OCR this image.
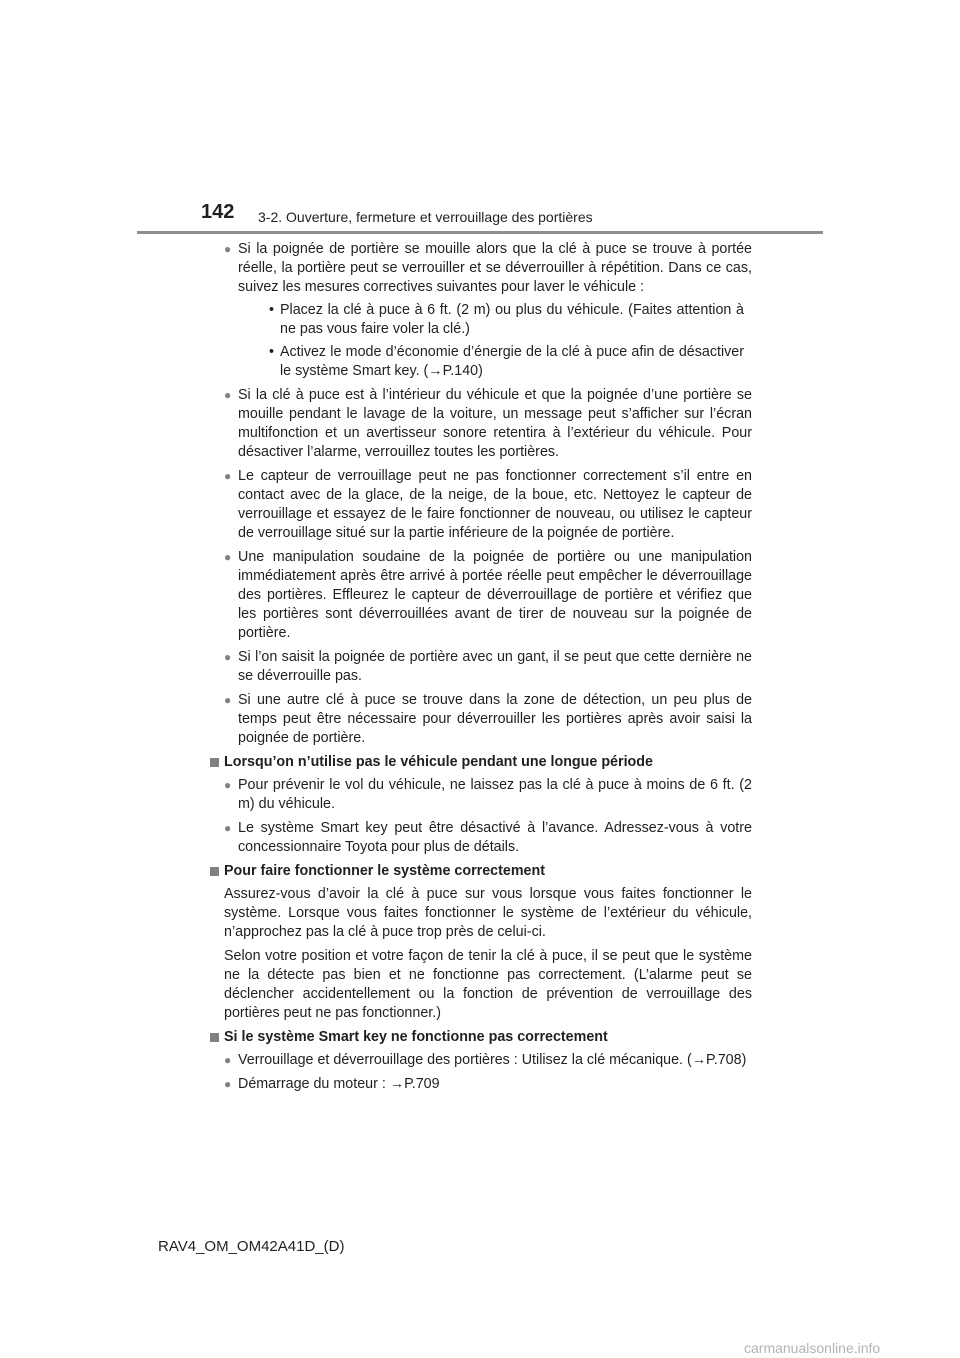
142 3-2. Ouverture, fermeture et verrouillage des portières
● Si la poignée de portière se mouille alors que la clé à puce se trouve à portée réelle, la portière peut se verrouiller et se déverrouiller à répétition. Dans ce cas, suivez les mesures correctives suivantes pour laver le véhicule :
• Placez la clé à puce à 6 ft. (2 m) ou plus du véhicule. (Faites attention à ne pas vous faire voler la clé.)
• Activez le mode d’économie d’énergie de la clé à puce afin de désactiver le système Smart key. (→P.140)
● Si la clé à puce est à l’intérieur du véhicule et que la poignée d’une portière se mouille pendant le lavage de la voiture, un message peut s’afficher sur l’écran multifonction et un avertisseur sonore retentira à l’extérieur du véhicule. Pour désactiver l’alarme, verrouillez toutes les portières.
● Le capteur de verrouillage peut ne pas fonctionner correctement s’il entre en contact avec de la glace, de la neige, de la boue, etc. Nettoyez le capteur de verrouillage et essayez de le faire fonctionner de nouveau, ou utilisez le capteur de verrouillage situé sur la partie inférieure de la poignée de portière.
● Une manipulation soudaine de la poignée de portière ou une manipulation immédiatement après être arrivé à portée réelle peut empêcher le déverrouillage des portières. Effleurez le capteur de déverrouillage de portière et vérifiez que les portières sont déverrouillées avant de tirer de nouveau sur la poignée de portière.
● Si l’on saisit la poignée de portière avec un gant, il se peut que cette dernière ne se déverrouille pas.
● Si une autre clé à puce se trouve dans la zone de détection, un peu plus de temps peut être nécessaire pour déverrouiller les portières après avoir saisi la poignée de portière.
Lorsqu’on n’utilise pas le véhicule pendant une longue période
● Pour prévenir le vol du véhicule, ne laissez pas la clé à puce à moins de 6 ft. (2 m) du véhicule.
● Le système Smart key peut être désactivé à l’avance. Adressez-vous à votre concessionnaire Toyota pour plus de détails.
Pour faire fonctionner le système correctement
Assurez-vous d’avoir la clé à puce sur vous lorsque vous faites fonctionner le système. Lorsque vous faites fonctionner le système de l’extérieur du véhicule, n’approchez pas la clé à puce trop près de celui-ci.
Selon votre position et votre façon de tenir la clé à puce, il se peut que le système ne la détecte pas bien et ne fonctionne pas correctement. (L’alarme peut se déclencher accidentellement ou la fonction de prévention de verrouillage des portières peut ne pas fonctionner.)
Si le système Smart key ne fonctionne pas correctement
● Verrouillage et déverrouillage des portières : Utilisez la clé mécanique. (→P.708)
● Démarrage du moteur : →P.709
RAV4_OM_OM42A41D_(D)
carmanualsonline.info
